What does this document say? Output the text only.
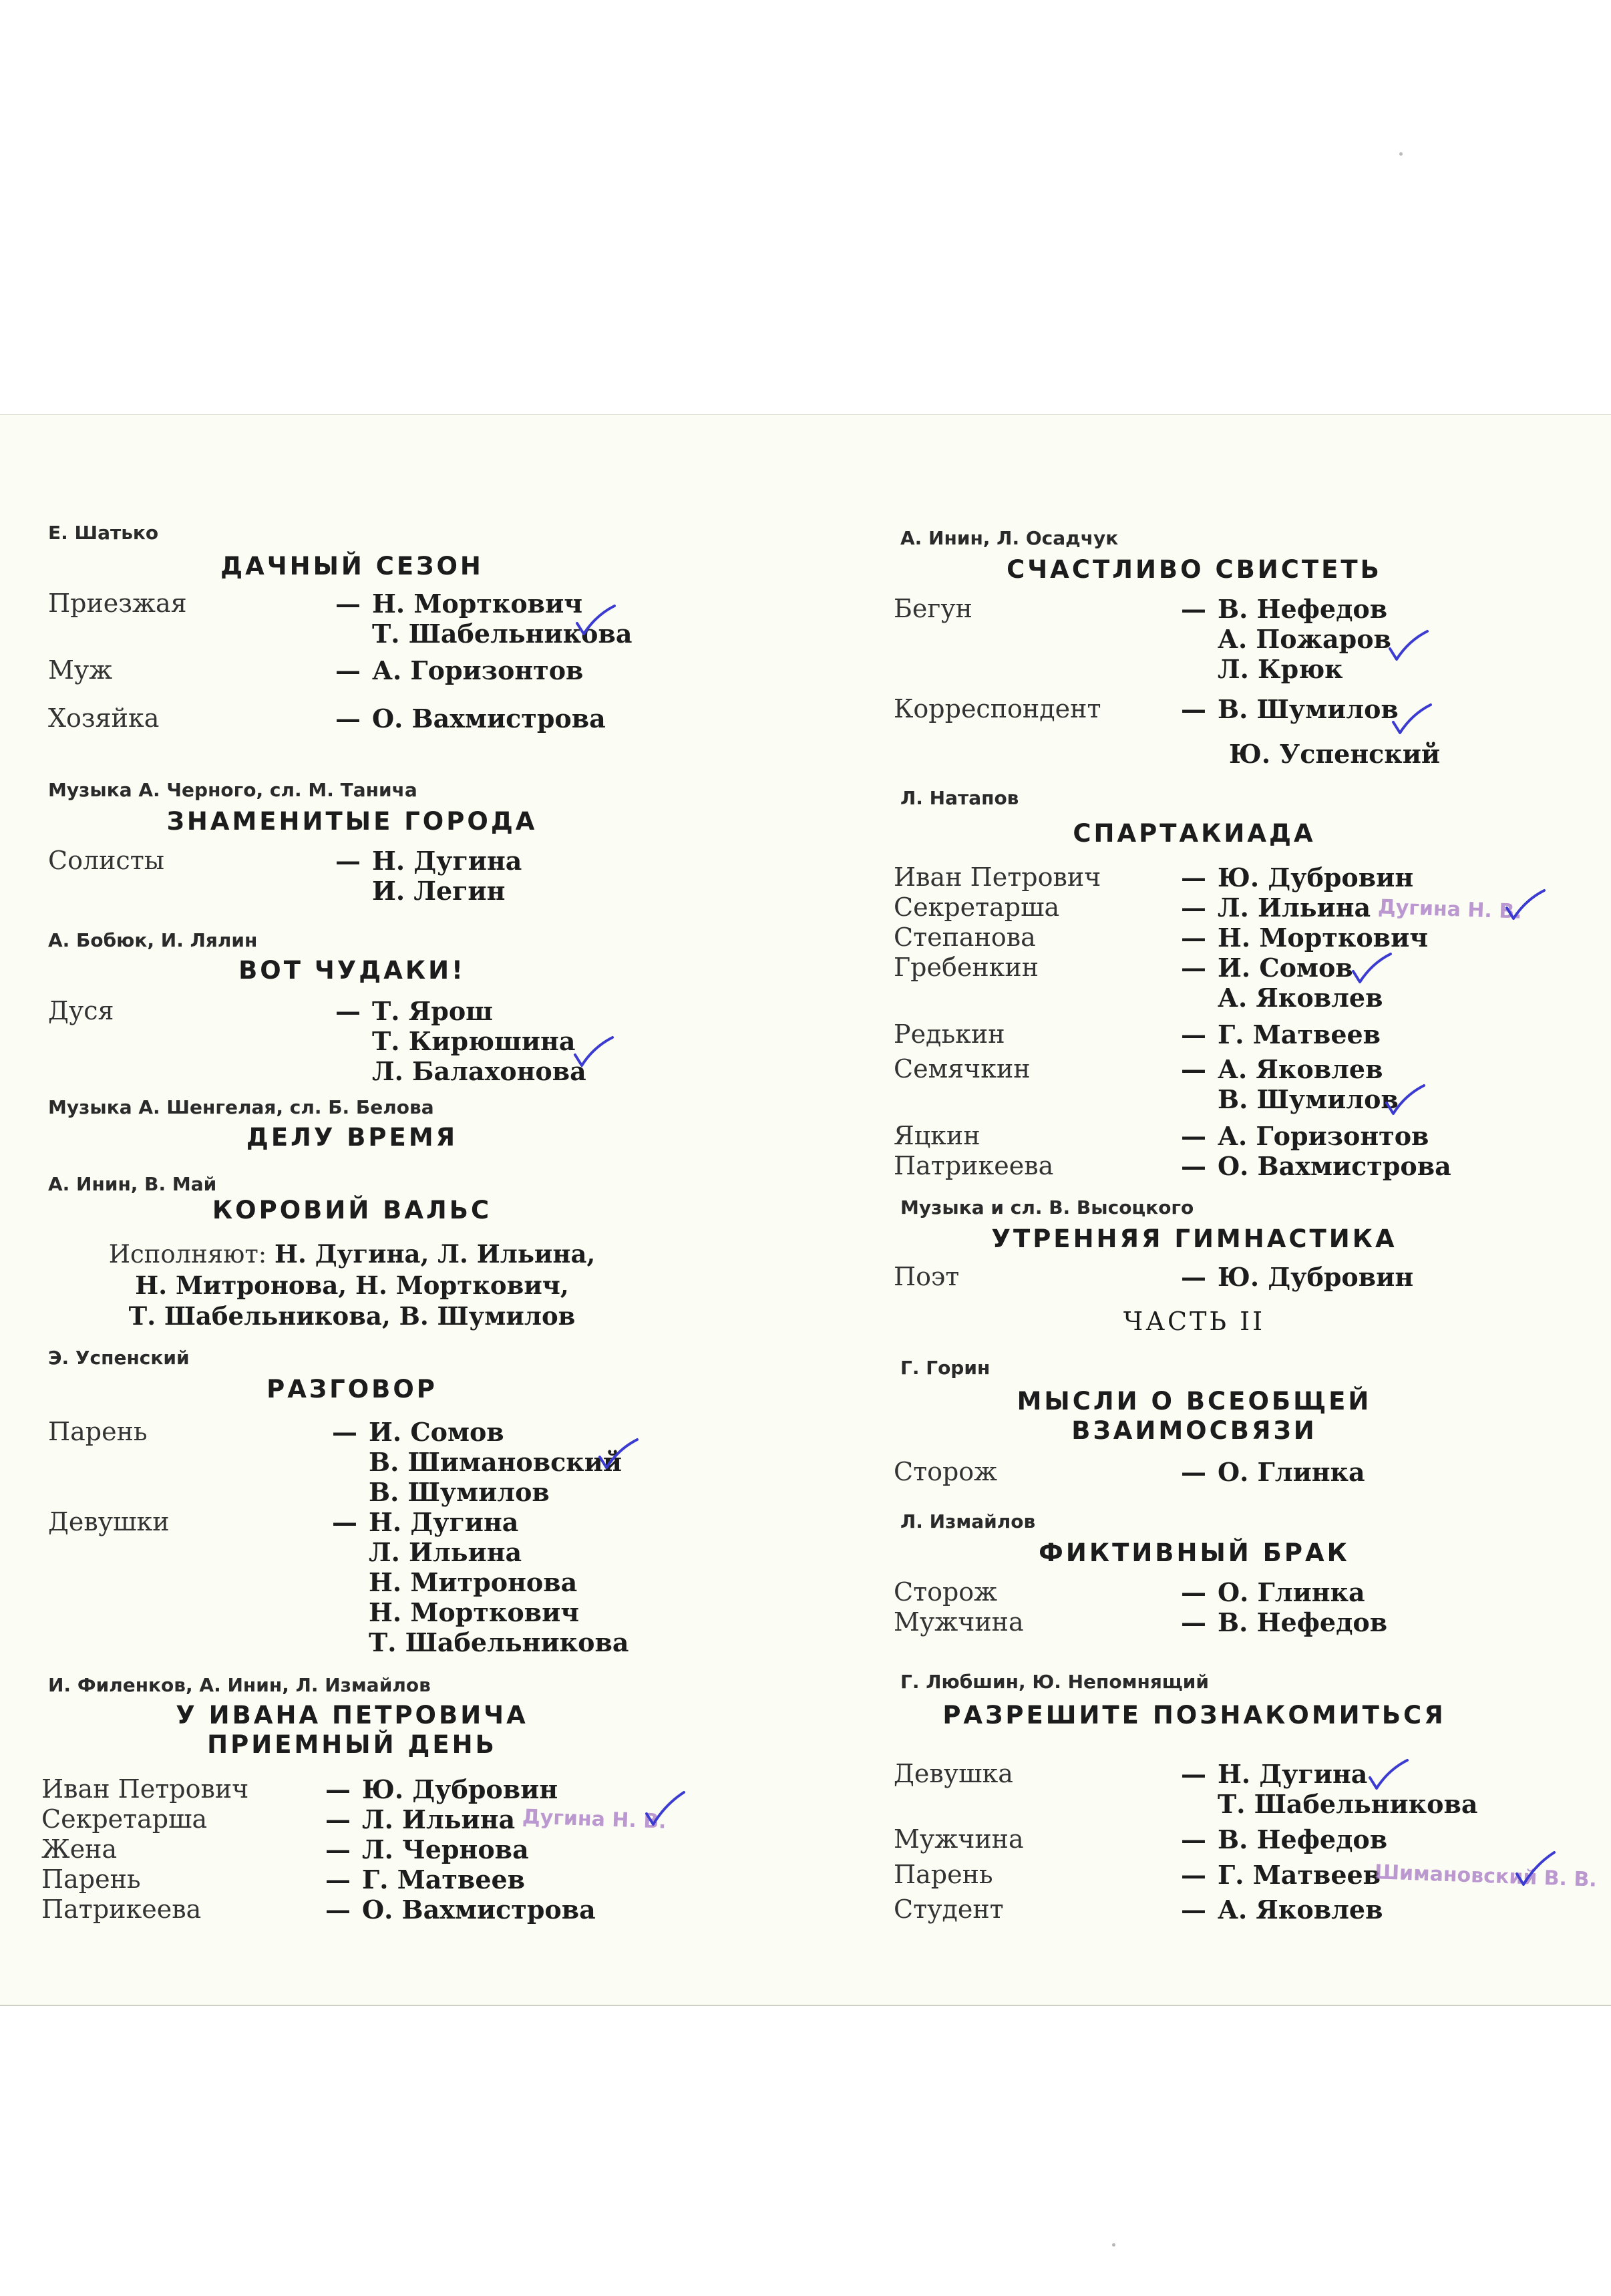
Е. Шатько
ДАЧНЫЙ СЕЗОН
Приезжая	— Н. Морткович
Т. Шабельникова
Муж	— А. Горизонтов
Хозяйка	— О. Вахмистрова
Музыка А. Черного, сл. М. Танича
ЗНАМЕНИТЫЕ ГОРОДА
Солисты	— Н. Дугина
И. Легин
А. Бобюк, И. Лялин
ВОТ ЧУДАКИ!
Дуся	— Т. Ярош
Т. Кирюшина
Л. Балахонова
Музыка А. Шенгелая, сл. Б. Белова
ДЕЛУ ВРЕМЯ
А. Инин, В. Май
КОРОВИЙ ВАЛЬС
Исполняют: Н. Дугина, Л. Ильина,
Н. Митронова, Н. Морткович,
Т. Шабельникова, В. Шумилов
Э. Успенский
РАЗГОВОР
Парень	— И. Сомов
В. Шимановский
В. Шумилов
Девушки	— Н. Дугина
Л. Ильина
Н. Митронова
Н. Морткович
Т. Шабельникова
И. Филенков, А. Инин, Л. Измайлов
У ИВАНА ПЕТРОВИЧА
ПРИЕМНЫЙ ДЕНЬ
Иван Петрович	— Ю. Дубровин
Секретарша	— Л. Ильина
Жена	— Л. Чернова
Парень	— Г. Матвеев
Патрикеева	— О. Вахмистрова
Дугина Н. В.
А. Инин, Л. Осадчук
СЧАСТЛИВО СВИСТЕТЬ
Бегун	— В. Нефедов
А. Пожаров
Л. Крюк
Корреспондент	— В. Шумилов
Ю. Успенский
Л. Натапов
СПАРТАКИАДА
Иван Петрович	— Ю. Дубровин
Секретарша	— Л. Ильина
Степанова	— Н. Морткович
Гребенкин	— И. Сомов
А. Яковлев
Редькин	— Г. Матвеев
Семячкин	— А. Яковлев
В. Шумилов
Яцкин	— А. Горизонтов
Патрикеева	— О. Вахмистрова
Дугина Н. В.
Музыка и сл. В. Высоцкого
УТРЕННЯЯ ГИМНАСТИКА
Поэт	— Ю. Дубровин
ЧАСТЬ II
Г. Горин
МЫСЛИ О ВСЕОБЩЕЙ
ВЗАИМОСВЯЗИ
Сторож	— О. Глинка
Л. Измайлов
ФИКТИВНЫЙ БРАК
Сторож	— О. Глинка
Мужчина	— В. Нефедов
Г. Любшин, Ю. Непомнящий
РАЗРЕШИТЕ ПОЗНАКОМИТЬСЯ
Девушка	— Н. Дугина
Т. Шабельникова
Мужчина	— В. Нефедов
Парень	— Г. Матвеев
Студент	— А. Яковлев
Шимановский В. В.
